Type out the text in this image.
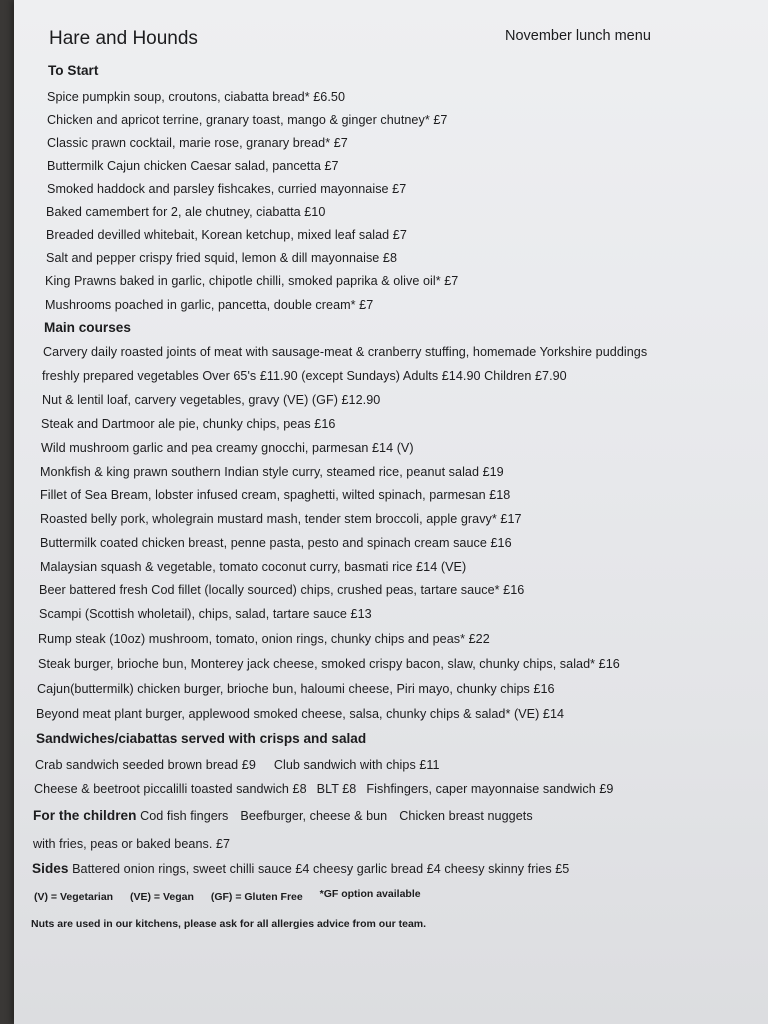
Hare and Hounds	November lunch menu
To Start
Spice pumpkin soup, croutons, ciabatta bread* £6.50
Chicken and apricot terrine, granary toast, mango & ginger chutney* £7
Classic prawn cocktail, marie rose, granary bread* £7
Buttermilk Cajun chicken Caesar salad, pancetta £7
Smoked haddock and parsley fishcakes, curried mayonnaise £7
Baked camembert for 2, ale chutney, ciabatta £10
Breaded devilled whitebait, Korean ketchup, mixed leaf salad £7
Salt and pepper crispy fried squid, lemon & dill mayonnaise £8
King Prawns baked in garlic, chipotle chilli, smoked paprika & olive oil* £7
Mushrooms poached in garlic, pancetta, double cream* £7
Main courses
Carvery daily roasted joints of meat with sausage-meat & cranberry stuffing, homemade Yorkshire puddings
freshly prepared vegetables Over 65's £11.90 (except Sundays) Adults £14.90 Children £7.90
Nut & lentil loaf, carvery vegetables, gravy (VE) (GF) £12.90
Steak and Dartmoor ale pie, chunky chips, peas £16
Wild mushroom garlic and pea creamy gnocchi, parmesan £14 (V)
Monkfish & king prawn southern Indian style curry, steamed rice, peanut salad £19
Fillet of Sea Bream, lobster infused cream, spaghetti, wilted spinach, parmesan £18
Roasted belly pork, wholegrain mustard mash, tender stem broccoli, apple gravy* £17
Buttermilk coated chicken breast, penne pasta, pesto and spinach cream sauce £16
Malaysian squash & vegetable, tomato coconut curry, basmati rice £14 (VE)
Beer battered fresh Cod fillet (locally sourced) chips, crushed peas, tartare sauce* £16
Scampi (Scottish wholetail), chips, salad, tartare sauce £13
Rump steak (10oz) mushroom, tomato, onion rings, chunky chips and peas* £22
Steak burger, brioche bun, Monterey jack cheese, smoked crispy bacon, slaw, chunky chips, salad* £16
Cajun(buttermilk) chicken burger, brioche bun, haloumi cheese, Piri mayo, chunky chips £16
Beyond meat plant burger, applewood smoked cheese, salsa, chunky chips & salad* (VE) £14
Sandwiches/ciabattas served with crisps and salad
Crab sandwich seeded brown bread £9 Club sandwich with chips £11
Cheese & beetroot piccalilli toasted sandwich £8 BLT £8 Fishfingers, caper mayonnaise sandwich £9
For the children Cod fish fingers Beefburger, cheese & bun Chicken breast nuggets
with fries, peas or baked beans. £7
Sides Battered onion rings, sweet chilli sauce £4 cheesy garlic bread £4 cheesy skinny fries £5
(V) = Vegetarian (VE) = Vegan (GF) = Gluten Free *GF option available
Nuts are used in our kitchens, please ask for all allergies advice from our team.
